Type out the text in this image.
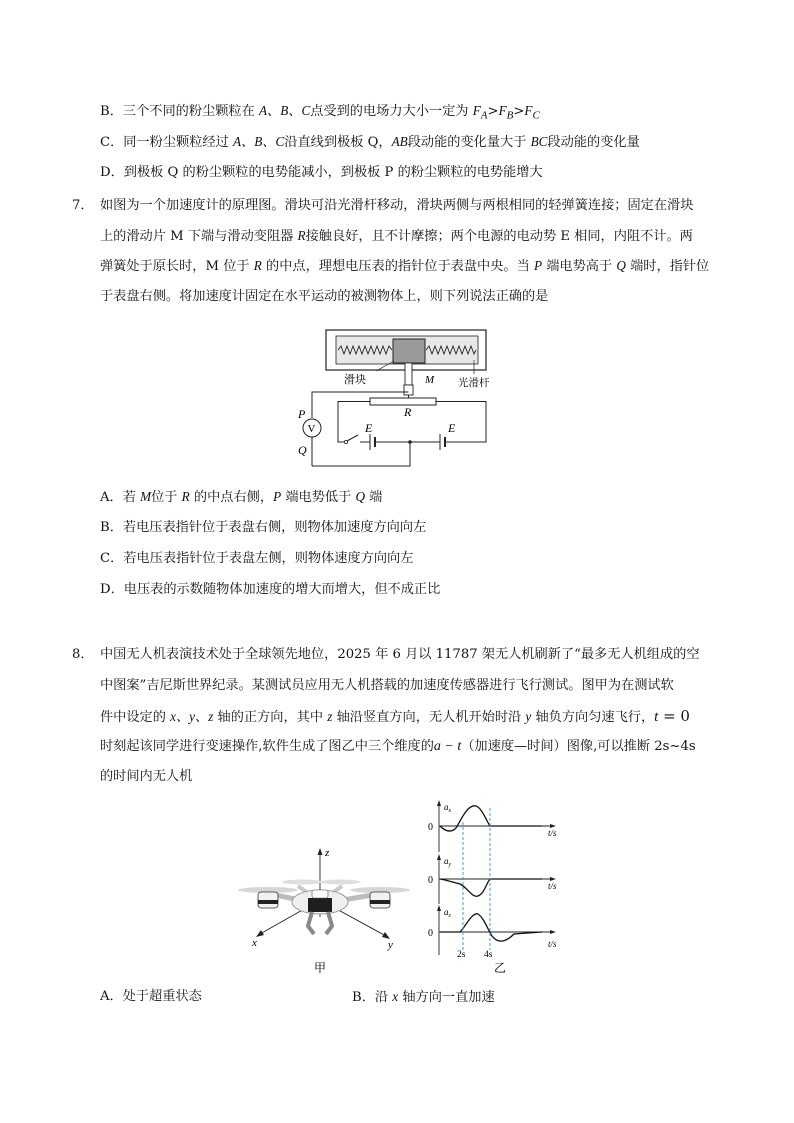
B．三个不同的粉尘颗粒在 A、B、C点受到的电场力大小一定为 $F_A>F_B>F_C$
C．同一粉尘颗粒经过 A、B、C沿直线到极板 Q，AB段动能的变化量大于 BC段动能的变化量
D．到极板 Q 的粉尘颗粒的电势能减小，到极板 P 的粉尘颗粒的电势能增大
7． 如图为一个加速度计的原理图。滑块可沿光滑杆移动，滑块两侧与两根相同的轻弹簧连接；固定在滑块
上的滑动片 M 下端与滑动变阻器 R接触良好，且不计摩擦；两个电源的电动势 E 相同，内阻不计。两
弹簧处于原长时，M 位于 R 的中点，理想电压表的指针位于表盘中央。当 P 端电势高于 Q 端时，指针位
于表盘右侧。将加速度计固定在水平运动的被测物体上，则下列说法正确的是
滑块	M 光滑杆
R
V
P
Q
E	E
A．若 M位于 R 的中点右侧，P 端电势低于 Q 端
B．若电压表指针位于表盘右侧，则物体加速度方向向左
C．若电压表指针位于表盘左侧，则物体速度方向向左
D．电压表的示数随物体加速度的增大而增大，但不成正比
8． 中国无人机表演技术处于全球领先地位，2025 年 6 月以 11787 架无人机刷新了“最多无人机组成的空
中图案”吉尼斯世界纪录。某测试员应用无人机搭载的加速度传感器进行飞行测试。图甲为在测试软
件中设定的 x、y、z 轴的正方向，其中 z 轴沿竖直方向，无人机开始时沿 y 轴负方向匀速飞行，t = 0
时刻起该同学进行变速操作,软件生成了图乙中三个维度的a − t（加速度—时间）图像,可以推断 2s~4s
的时间内无人机
z
x	y
甲
$a_x$
0	t/s
$a_y$
0	t/s
$a_z$
0
t/s
2s 4s
乙
A．处于超重状态	B．沿 x 轴方向一直加速
